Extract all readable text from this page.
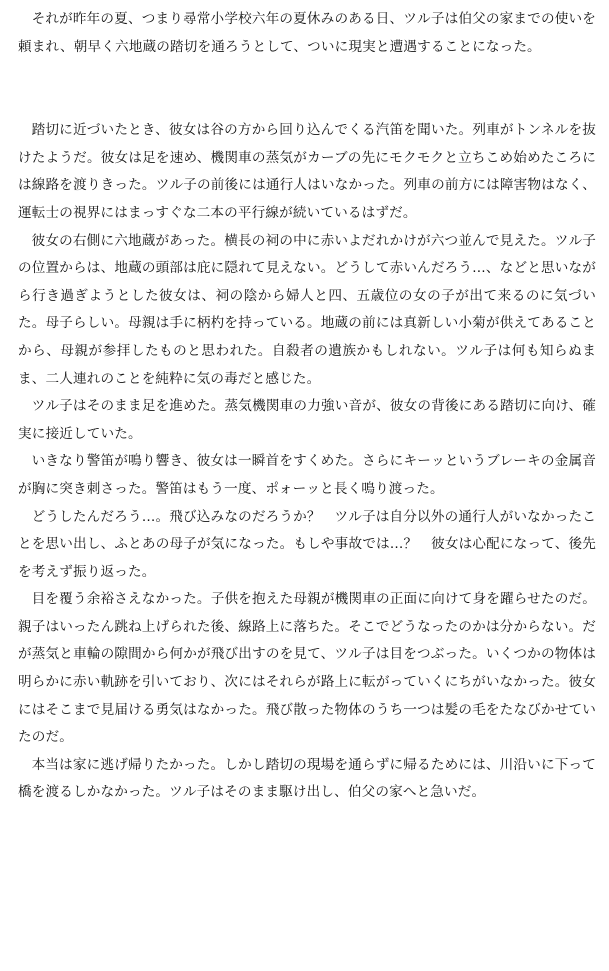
それが昨年の夏、つまり尋常小学校六年の夏休みのある日、ツル子は伯父の家までの使いを頼まれ、朝早く六地蔵の踏切を通ろうとして、ついに現実と遭遇することになった。

踏切に近づいたとき、彼女は谷の方から回り込んでくる汽笛を聞いた。列車がトンネルを抜けたようだ。彼女は足を速め、機関車の蒸気がカーブの先にモクモクと立ちこめ始めたころには線路を渡りきった。ツル子の前後には通行人はいなかった。列車の前方には障害物はなく、運転士の視界にはまっすぐな二本の平行線が続いているはずだ。

彼女の右側に六地蔵があった。横長の祠の中に赤いよだれかけが六つ並んで見えた。ツル子の位置からは、地蔵の頭部は庇に隠れて見えない。どうして赤いんだろう…、などと思いながら行き過ぎようとした彼女は、祠の陰から婦人と四、五歳位の女の子が出て来るのに気づいた。母子らしい。母親は手に柄杓を持っている。地蔵の前には真新しい小菊が供えてあることから、母親が参拝したものと思われた。自殺者の遺族かもしれない。ツル子は何も知らぬまま、二人連れのことを純粋に気の毒だと感じた。

ツル子はそのまま足を進めた。蒸気機関車の力強い音が、彼女の背後にある踏切に向け、確実に接近していた。

いきなり警笛が鳴り響き、彼女は一瞬首をすくめた。さらにキーッというブレーキの金属音が胸に突き刺さった。警笛はもう一度、ポォーッと長く鳴り渡った。

どうしたんだろう…。飛び込みなのだろうか？　ツル子は自分以外の通行人がいなかったことを思い出し、ふとあの母子が気になった。もしや事故では…？　彼女は心配になって、後先を考えず振り返った。

目を覆う余裕さえなかった。子供を抱えた母親が機関車の正面に向けて身を躍らせたのだ。親子はいったん跳ね上げられた後、線路上に落ちた。そこでどうなったのかは分からない。だが蒸気と車輪の隙間から何かが飛び出すのを見て、ツル子は目をつぶった。いくつかの物体は明らかに赤い軌跡を引いており、次にはそれらが路上に転がっていくにちがいなかった。彼女にはそこまで見届ける勇気はなかった。飛び散った物体のうち一つは髪の毛をたなびかせていたのだ。

本当は家に逃げ帰りたかった。しかし踏切の現場を通らずに帰るためには、川沿いに下って橋を渡るしかなかった。ツル子はそのまま駆け出し、伯父の家へと急いだ。
